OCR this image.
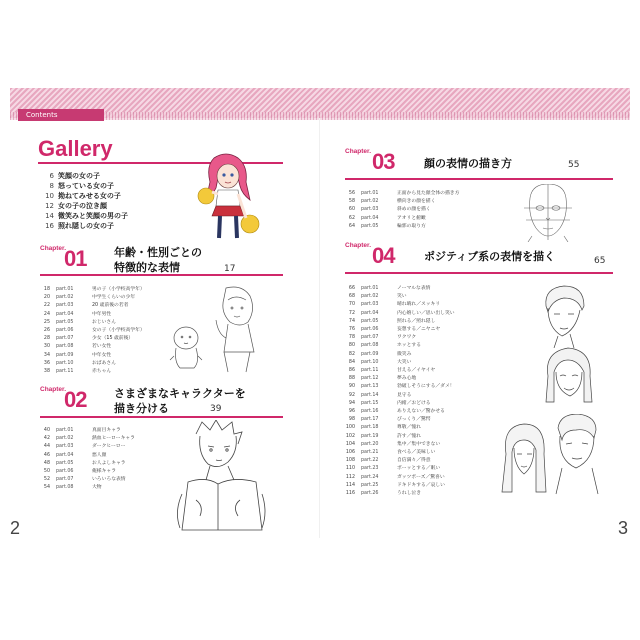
Contents
Gallery
6 笑顔の女の子
8 怒っている女の子
10 拗ねてみせる女の子
12 女の子の泣き顔
14 微笑みと笑顔の男の子
16 照れ隠しの女の子
Chapter.
01	年齢・性別ごとの
特徴的な表情	17
18 part.01	男の子（小学校高学年）
20 part.02	中学生くらいの少年
22 part.03	20 歳前後の若者
24 part.04	中年男性
25 part.05	おじいさん
26 part.06	女の子（小学校高学年）
28 part.07	少女（15 歳前後）
30 part.08	若い女性
34 part.09	中年女性
36 part.10	おばあさん
38 part.11	赤ちゃん
Chapter.
02	さまざまなキャラクターを
描き分ける	39
40 part.01	真面目キャラ
42 part.02	熱血ヒーローキャラ
44 part.03	ダークヒーロー
46 part.04	悪人顔
48 part.05	お人よしキャラ
50 part.06	俺様キャラ
52 part.07	いろいろな表情
54 part.08	大物
2
Chapter. 03	顔の表情の描き方	55
56 part.01	正面から見た顔全体の描き方
58 part.02	横向きの顔を描く
60 part.03	斜めの顔を描く
62 part.04	アオリと俯瞰
64 part.05	輪郭の取り方
Chapter. 04	ポジティブ系の表情を描く	65
66 part.01	ノーマルな表情
68 part.02	笑い
70 part.03	晴れ晴れ／スッキリ
72 part.04	内心嬉しい／思い出し笑い
74 part.05	照れる／照れ隠し
76 part.06	妄想する／ニヤニヤ
78 part.07	ワクワク
80 part.08	ホッとする
82 part.09	微笑み
84 part.10	大笑い
86 part.11	甘える／イヤイヤ
88 part.12	夢み心地
90 part.13	勃破しそうにする／ダメ！
92 part.14	見守る
94 part.15	内緒／おどける
96 part.16	ありえない／驚かせる
98 part.17	びっくり／驚愕
100 part.18	尊敬／憧れ
102 part.19	許す／憧れ
104 part.20	集中／集中できない
106 part.21	食べる／美味しい
108 part.22	自信満々／得意
110 part.23	ボーッとする／眠い
112 part.24	ガッツポーズ／驚喜い
114 part.25	ドキドキする／哀しい
116 part.26	うれし泣き
3
